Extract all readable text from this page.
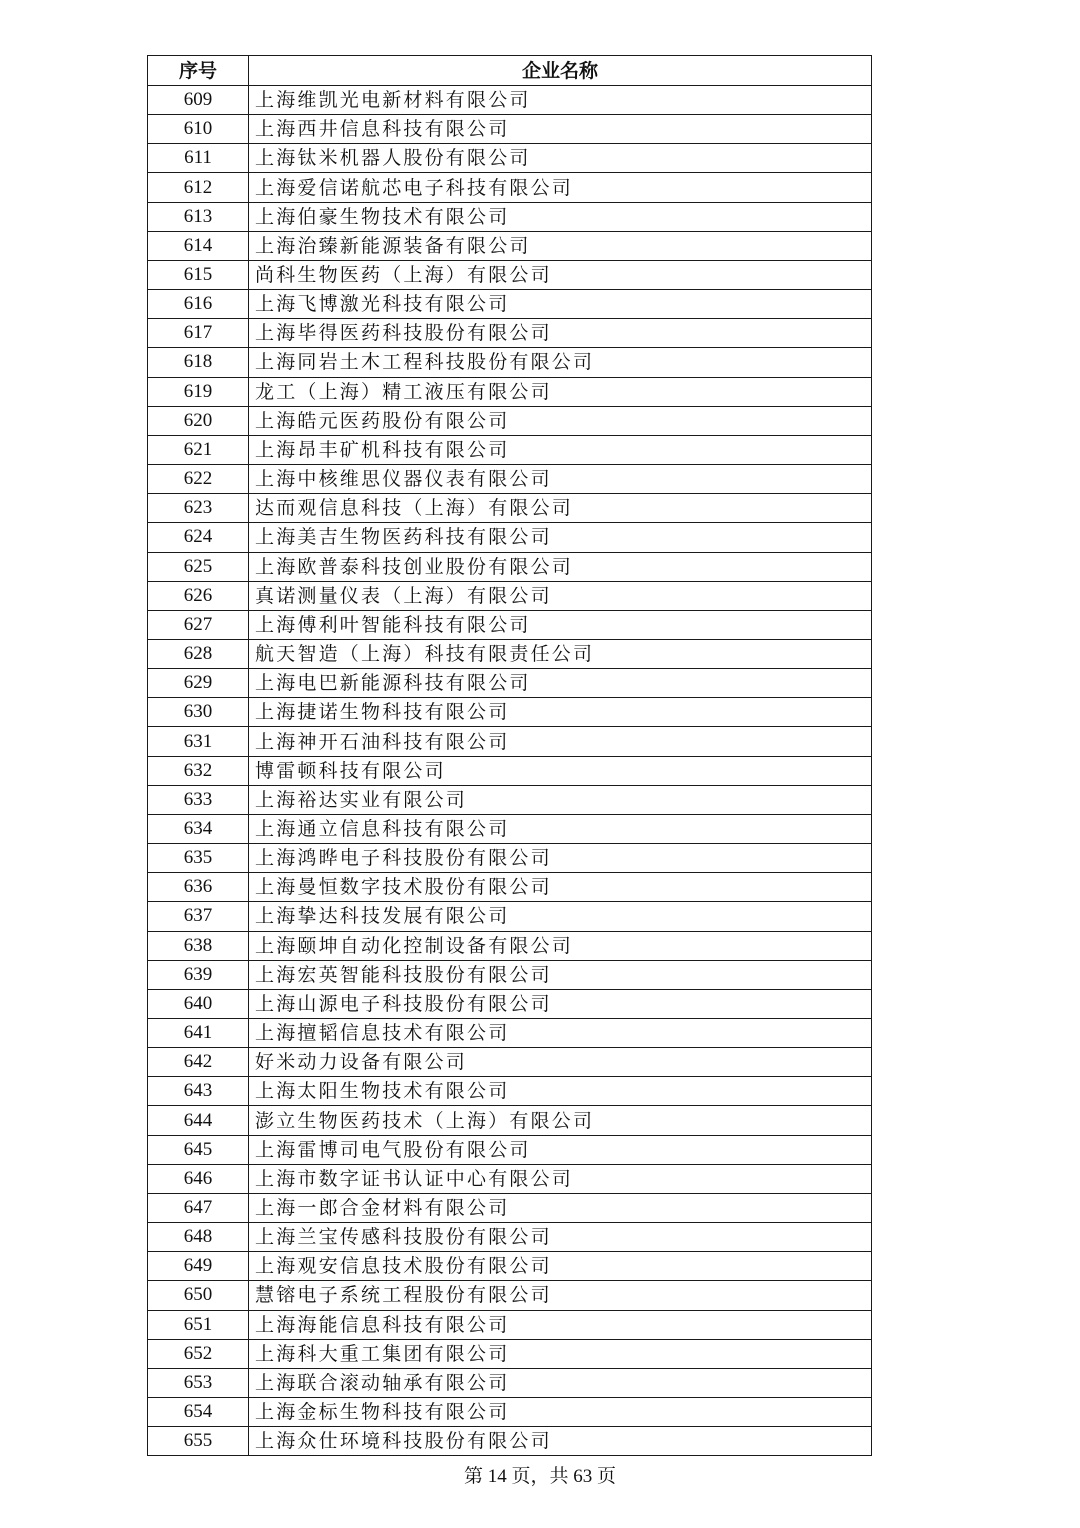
序号	企业名称
609	上海维凯光电新材料有限公司
610	上海西井信息科技有限公司
611	上海钛米机器人股份有限公司
612	上海爱信诺航芯电子科技有限公司
613	上海伯豪生物技术有限公司
614	上海治臻新能源装备有限公司
615	尚科生物医药（上海）有限公司
616	上海飞博激光科技有限公司
617	上海毕得医药科技股份有限公司
618	上海同岩土木工程科技股份有限公司
619	龙工（上海）精工液压有限公司
620	上海皓元医药股份有限公司
621	上海昂丰矿机科技有限公司
622	上海中核维思仪器仪表有限公司
623	达而观信息科技（上海）有限公司
624	上海美吉生物医药科技有限公司
625	上海欧普泰科技创业股份有限公司
626	真诺测量仪表（上海）有限公司
627	上海傅利叶智能科技有限公司
628	航天智造（上海）科技有限责任公司
629	上海电巴新能源科技有限公司
630	上海捷诺生物科技有限公司
631	上海神开石油科技有限公司
632	博雷顿科技有限公司
633	上海裕达实业有限公司
634	上海通立信息科技有限公司
635	上海鸿晔电子科技股份有限公司
636	上海曼恒数字技术股份有限公司
637	上海挚达科技发展有限公司
638	上海颐坤自动化控制设备有限公司
639	上海宏英智能科技股份有限公司
640	上海山源电子科技股份有限公司
641	上海擅韬信息技术有限公司
642	好米动力设备有限公司
643	上海太阳生物技术有限公司
644	澎立生物医药技术（上海）有限公司
645	上海雷博司电气股份有限公司
646	上海市数字证书认证中心有限公司
647	上海一郎合金材料有限公司
648	上海兰宝传感科技股份有限公司
649	上海观安信息技术股份有限公司
650	慧镕电子系统工程股份有限公司
651	上海海能信息科技有限公司
652	上海科大重工集团有限公司
653	上海联合滚动轴承有限公司
654	上海金标生物科技有限公司
655	上海众仕环境科技股份有限公司
第 14 页，共 63 页
